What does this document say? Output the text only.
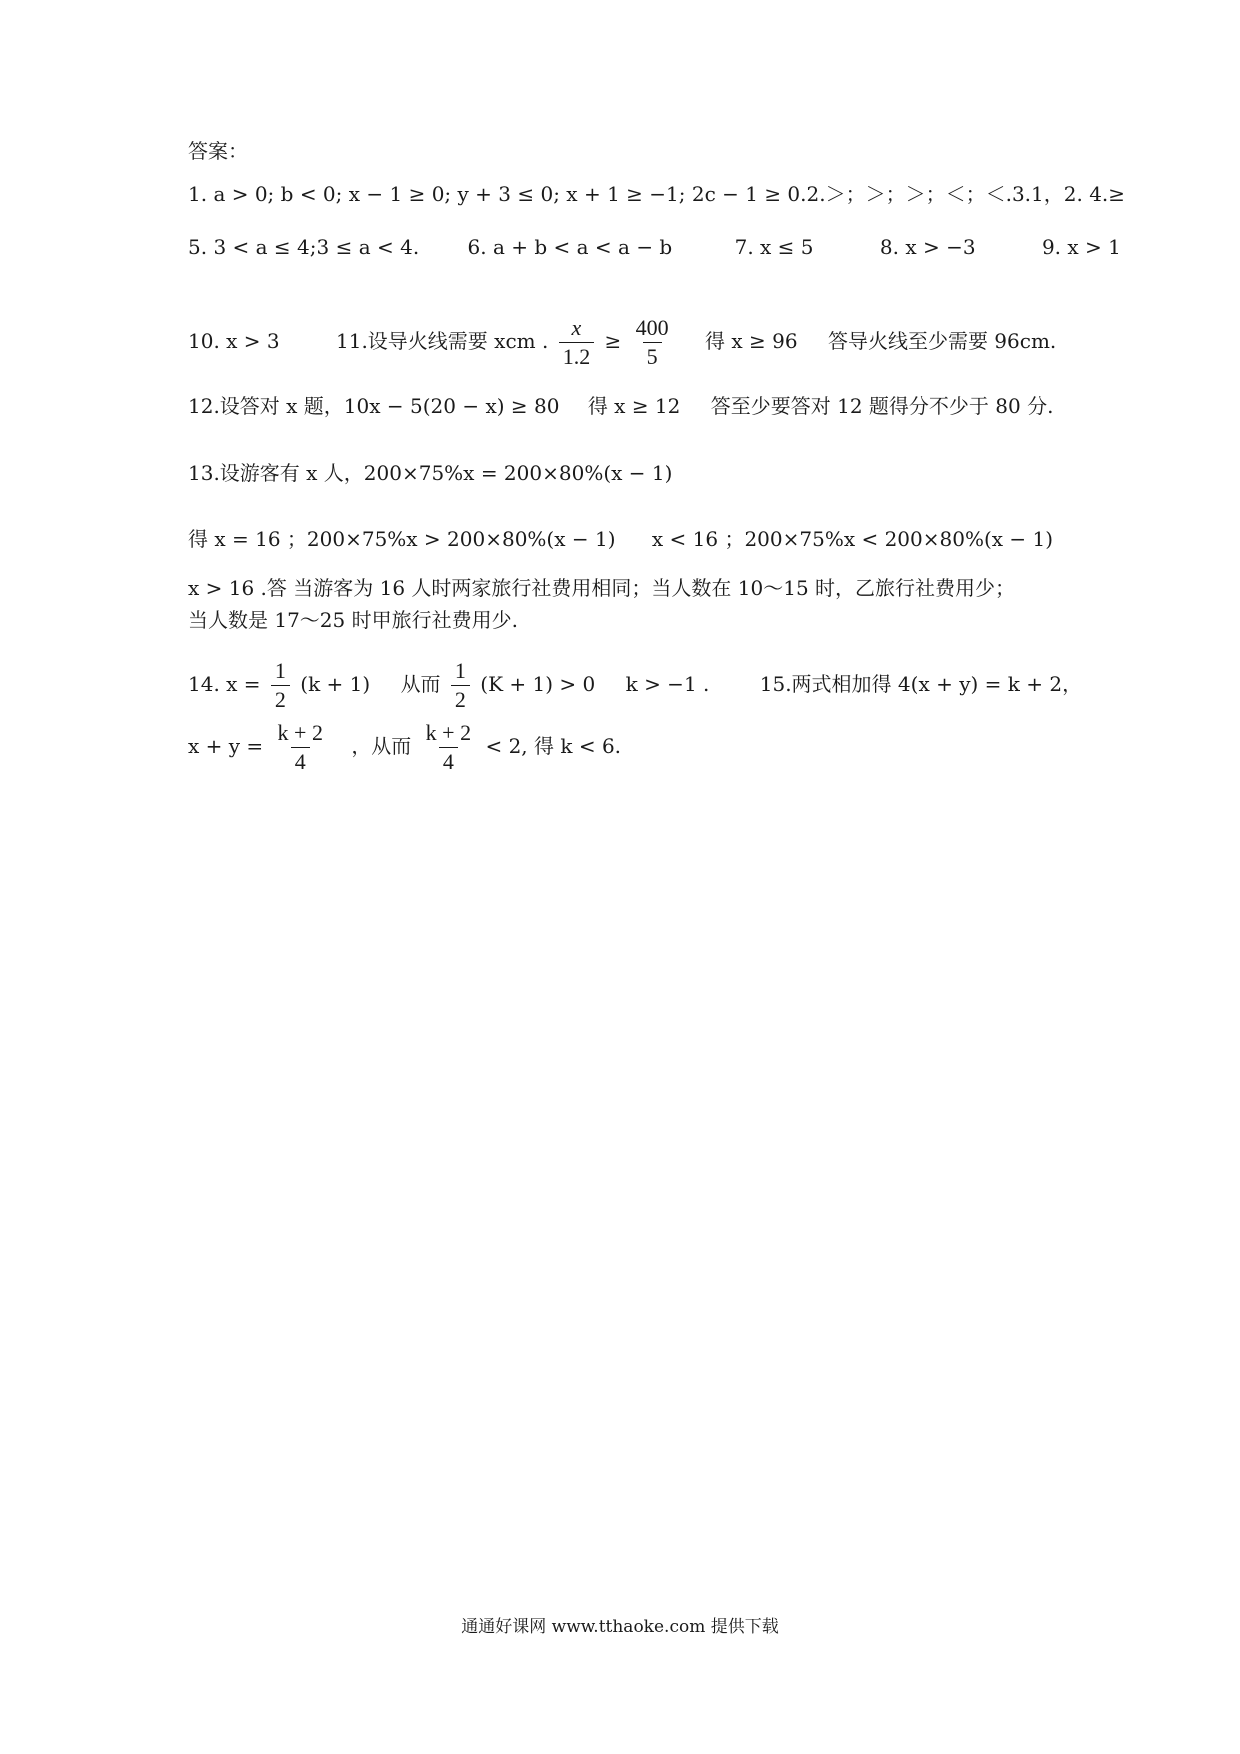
答案：
1. a > 0; b < 0; x − 1 ≥ 0; y + 3 ≤ 0; x + 1 ≥ −1; 2c − 1 ≥ 0.2.＞；＞；＞；＜；＜.3.1，2. 4.≥
5. 3 < a ≤ 4;3 ≤ a < 4. 6. a + b < a < a − b	7. x ≤ 5	8. x > −3	9. x > 1
10. x > 3	11.设导火线需要 xcm . $\frac{x}{1.2} \ge \frac{400}{5}$ 得 x ≥ 96 答导火线至少需要 96cm.
12.设答对 x 题，10x − 5(20 − x) ≥ 80 得 x ≥ 12 答至少要答对 12 题得分不少于 80 分.
13.设游客有 x 人，200×75%x = 200×80%(x − 1)
得 x = 16 ；200×75%x > 200×80%(x − 1) x < 16 ；200×75%x < 200×80%(x − 1)
x > 16 .答 当游客为 16 人时两家旅行社费用相同；当人数在 10～15 时，乙旅行社费用少；
当人数是 17～25 时甲旅行社费用少.
14. $x = \frac{1}{2} (k + 1)$ 从而 $\frac{1}{2} (K + 1) > 0$ k > −1 .	15.两式相加得 4(x + y) = k + 2，
$x + y = \frac{k + 2}{4}$ ，从而 $\frac{k + 2}{4} < 2$, 得 k < 6.
通通好课网 www.tthaoke.com 提供下载
